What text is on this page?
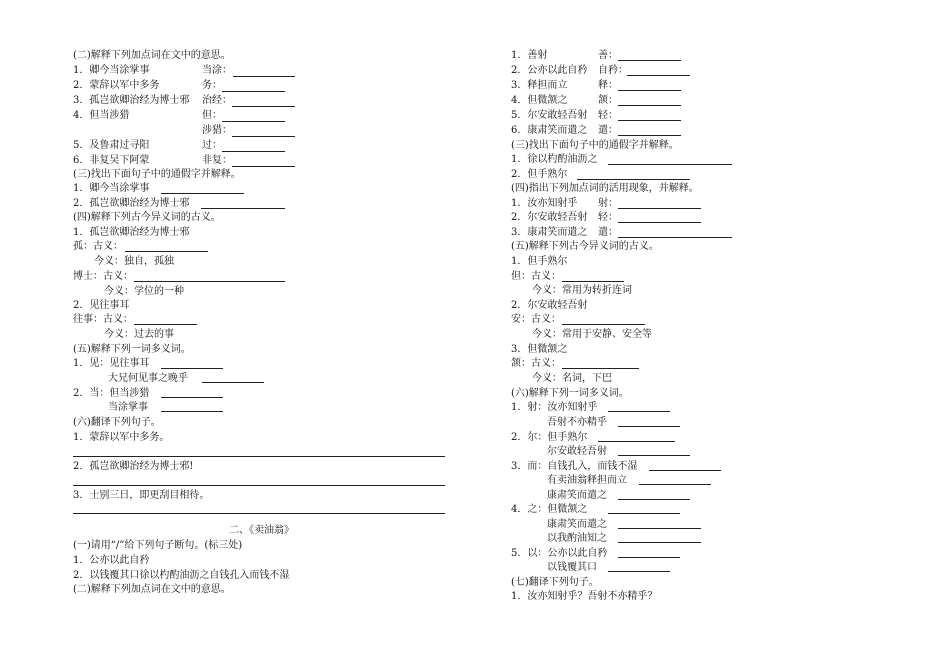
(二)解释下列加点词在文中的意思。
1．卿今当涂掌事	当涂：
2．蒙辞以军中多务	务：
3．孤岂欲卿治经为博士邪 治经：
4．但当涉猎	但：
涉猎：
5．及鲁肃过寻阳	过：
6．非复吴下阿蒙	非复：
(三)找出下面句子中的通假字并解释。
1．卿今当涂掌事
2．孤岂欲卿治经为博士邪
(四)解释下列古今异义词的古义。
1．孤岂欲卿治经为博士邪
孤：古义：
今义：独自，孤独
博士：古义：
今义：学位的一种
2．见往事耳
往事：古义：
今义：过去的事
(五)解释下列一词多义词。
1．见：见往事耳
大兄何见事之晚乎
2．当：但当涉猎
当涂掌事
(六)翻译下列句子。
1．蒙辞以军中多务。
2．孤岂欲卿治经为博士邪!
3．士别三日，即更刮目相待。
二、《卖油翁》
(一)请用“/”给下列句子断句。(标三处)
1．公亦以此自矜
2．以钱覆其口徐以杓酌油沥之自钱孔入而钱不湿
(二)解释下列加点词在文中的意思。
1．善射	善：
2．公亦以此自矜 自矜：
3．释担而立	释：
4．但微颔之	颔：
5．尔安敢轻吾射 轻：
6．康肃笑而遣之 遣：
(三)找出下面句子中的通假字并解释。
1．徐以杓酌油沥之
2．但手熟尔
(四)指出下列加点词的活用现象，并解释。
1．汝亦知射乎 射：
2．尔安敢轻吾射 轻：
3．康肃笑而遣之 遣：
(五)解释下列古今异义词的古义。
1．但手熟尔
但：古义：
今义：常用为转折连词
2．尔安敢轻吾射
安：古义：
今义：常用于安静、安全等
3．但微颔之
颔：古义：
今义：名词，下巴
(六)解释下列一词多义词。
1．射：汝亦知射乎
吾射不亦精乎
2．尔：但手熟尔
尔安敢轻吾射
3．而：自钱孔入，而钱不湿
有卖油翁释担而立
康肃笑而遣之
4．之：但微颔之
康肃笑而遣之
以我酌油知之
5．以：公亦以此自矜
以钱覆其口
(七)翻译下列句子。
1．汝亦知射乎？吾射不亦精乎？
